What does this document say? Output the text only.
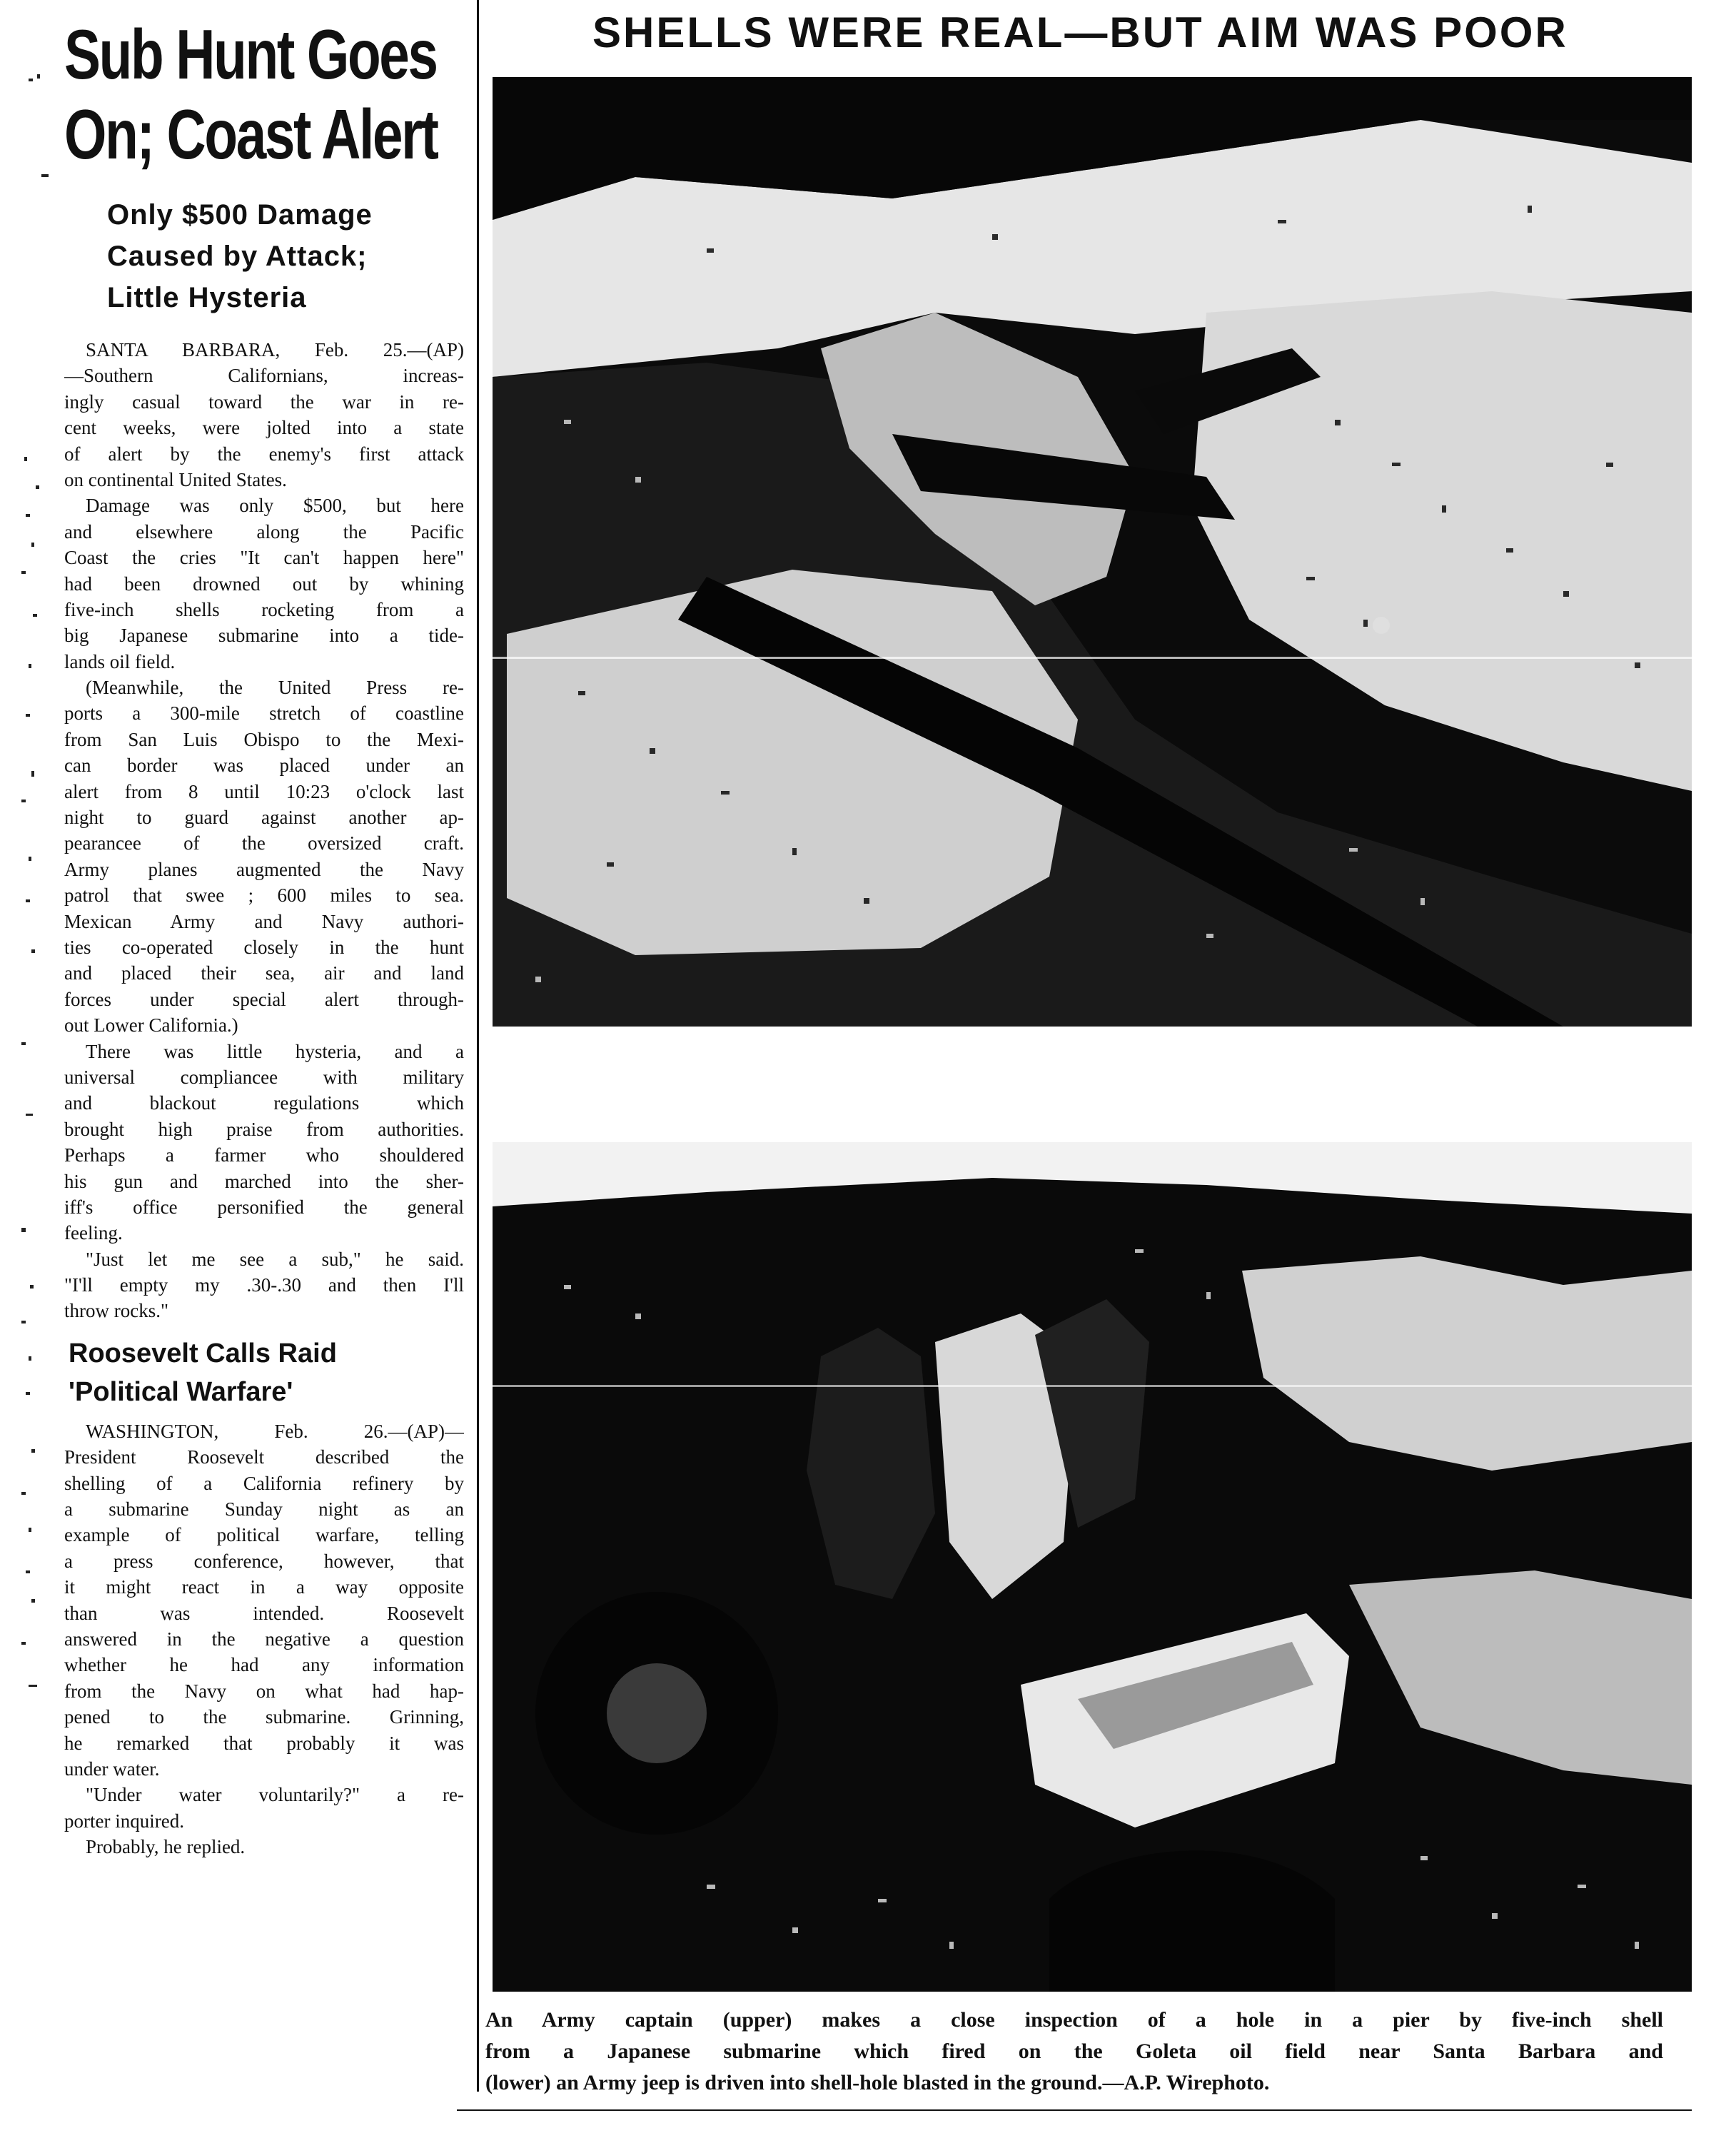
Sub Hunt Goes
On; Coast Alert
Only $500 Damage
Caused by Attack;
Little Hysteria
SANTA BARBARA, Feb. 25.—(AP)
—Southern Californians, increas-
ingly casual toward the war in re-
cent weeks, were jolted into a state
of alert by the enemy's first attack
on continental United States.
Damage was only $500, but here
and elsewhere along the Pacific
Coast the cries "It can't happen here"
had been drowned out by whining
five-inch shells rocketing from a
big Japanese submarine into a tide-
lands oil field.
(Meanwhile, the United Press re-
ports a 300-mile stretch of coastline
from San Luis Obispo to the Mexi-
can border was placed under an
alert from 8 until 10:23 o'clock last
night to guard against another ap-
pearancee of the oversized craft.
Army planes augmented the Navy
patrol that swee ; 600 miles to sea.
Mexican Army and Navy authori-
ties co-operated closely in the hunt
and placed their sea, air and land
forces under special alert through-
out Lower California.)
There was little hysteria, and a
universal compliancee with military
and blackout regulations which
brought high praise from authorities.
Perhaps a farmer who shouldered
his gun and marched into the sher-
iff's office personified the general
feeling.
"Just let me see a sub," he said.
"I'll empty my .30-.30 and then I'll
throw rocks."
Roosevelt Calls Raid
'Political Warfare'
WASHINGTON, Feb. 26.—(AP)—
President Roosevelt described the
shelling of a California refinery by
a submarine Sunday night as an
example of political warfare, telling
a press conference, however, that
it might react in a way opposite
than was intended. Roosevelt
answered in the negative a question
whether he had any information
from the Navy on what had hap-
pened to the submarine. Grinning,
he remarked that probably it was
under water.
"Under water voluntarily?" a re-
porter inquired.
Probably, he replied.
SHELLS WERE REAL—BUT AIM WAS POOR
An Army captain (upper) makes a close inspection of a hole in a pier by five-inch shell
from a Japanese submarine which fired on the Goleta oil field near Santa Barbara and
(lower) an Army jeep is driven into shell-hole blasted in the ground.—A.P. Wirephoto.
